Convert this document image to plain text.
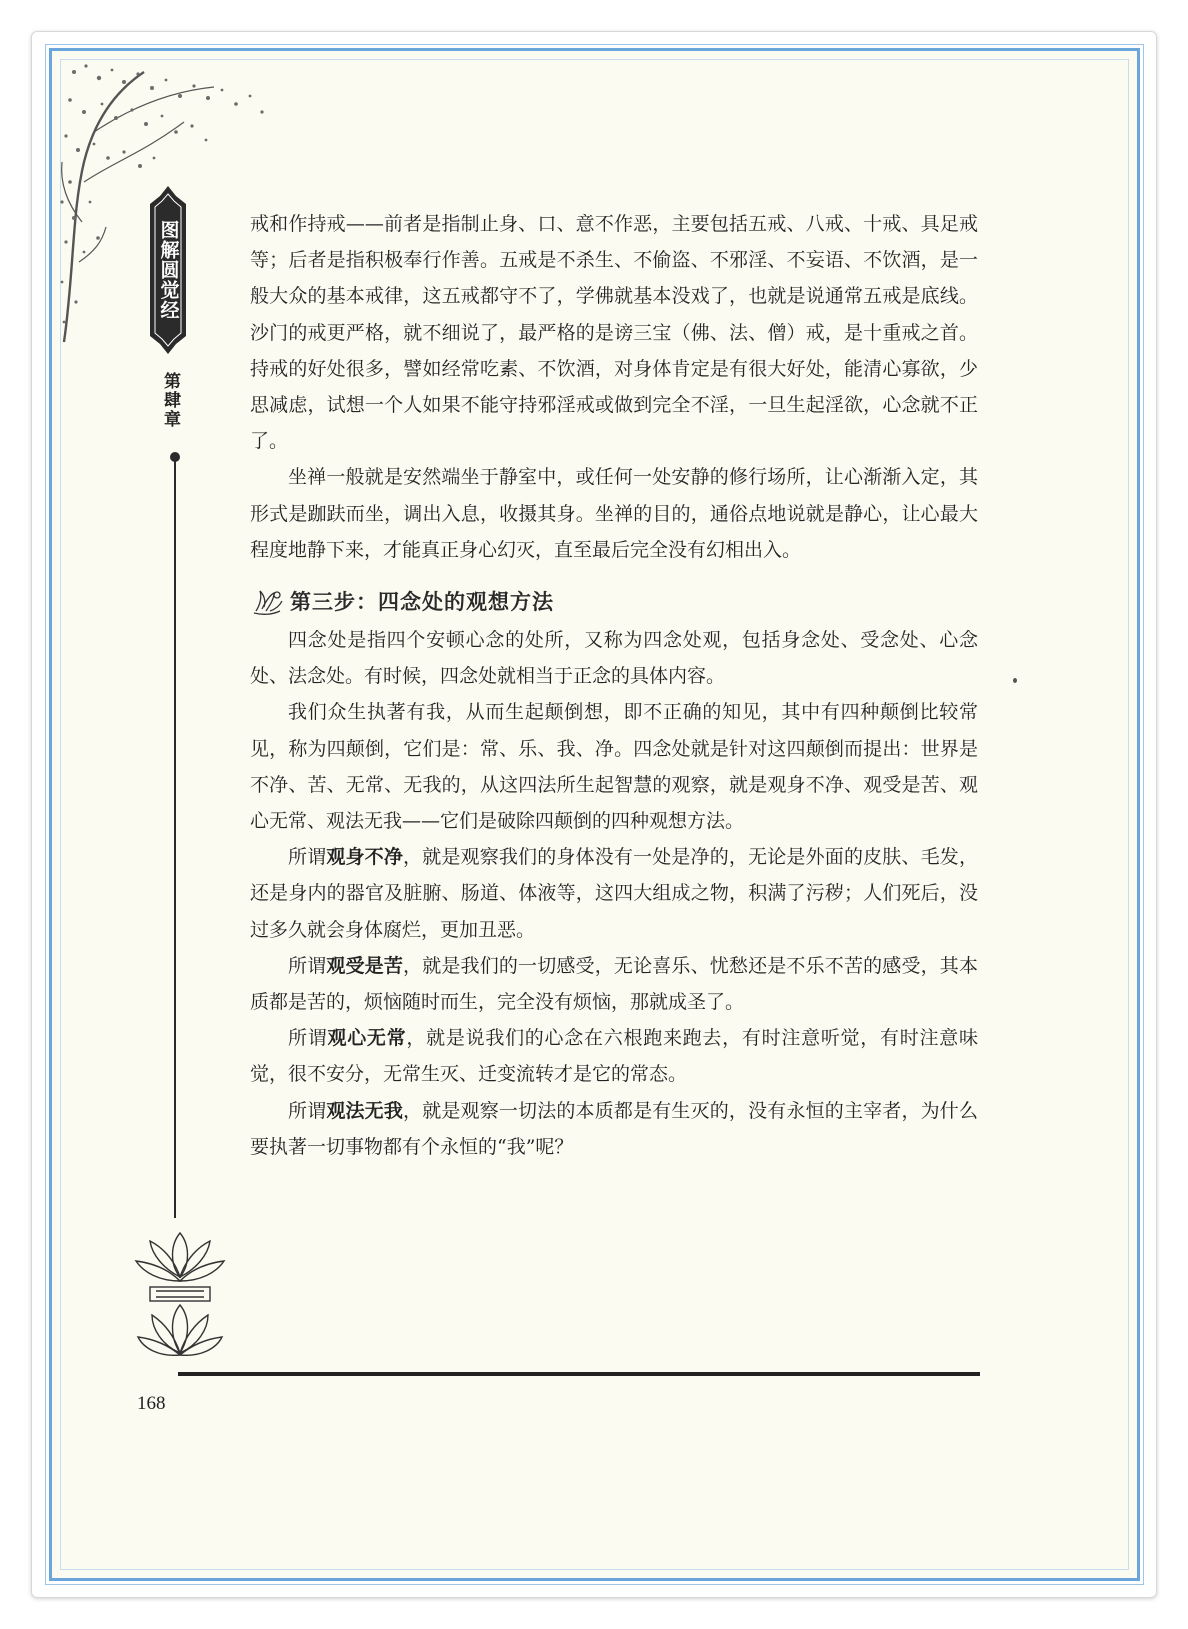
图解圆觉经
第肆章
168

戒和作持戒——前者是指制止身、口、意不作恶，主要包括五戒、八戒、十戒、具足戒等；后者是指积极奉行作善。五戒是不杀生、不偷盗、不邪淫、不妄语、不饮酒，是一般大众的基本戒律，这五戒都守不了，学佛就基本没戏了，也就是说通常五戒是底线。沙门的戒更严格，就不细说了，最严格的是谤三宝（佛、法、僧）戒，是十重戒之首。持戒的好处很多，譬如经常吃素、不饮酒，对身体肯定是有很大好处，能清心寡欲，少思减虑，试想一个人如果不能守持邪淫戒或做到完全不淫，一旦生起淫欲，心念就不正了。

坐禅一般就是安然端坐于静室中，或任何一处安静的修行场所，让心渐渐入定，其形式是跏趺而坐，调出入息，收摄其身。坐禅的目的，通俗点地说就是静心，让心最大程度地静下来，才能真正身心幻灭，直至最后完全没有幻相出入。

第三步：四念处的观想方法

四念处是指四个安顿心念的处所，又称为四念处观，包括身念处、受念处、心念处、法念处。有时候，四念处就相当于正念的具体内容。

我们众生执著有我，从而生起颠倒想，即不正确的知见，其中有四种颠倒比较常见，称为四颠倒，它们是：常、乐、我、净。四念处就是针对这四颠倒而提出：世界是不净、苦、无常、无我的，从这四法所生起智慧的观察，就是观身不净、观受是苦、观心无常、观法无我——它们是破除四颠倒的四种观想方法。

所谓观身不净，就是观察我们的身体没有一处是净的，无论是外面的皮肤、毛发，还是身内的器官及脏腑、肠道、体液等，这四大组成之物，积满了污秽；人们死后，没过多久就会身体腐烂，更加丑恶。

所谓观受是苦，就是我们的一切感受，无论喜乐、忧愁还是不乐不苦的感受，其本质都是苦的，烦恼随时而生，完全没有烦恼，那就成圣了。

所谓观心无常，就是说我们的心念在六根跑来跑去，有时注意听觉，有时注意味觉，很不安分，无常生灭、迁变流转才是它的常态。

所谓观法无我，就是观察一切法的本质都是有生灭的，没有永恒的主宰者，为什么要执著一切事物都有个永恒的“我”呢？
